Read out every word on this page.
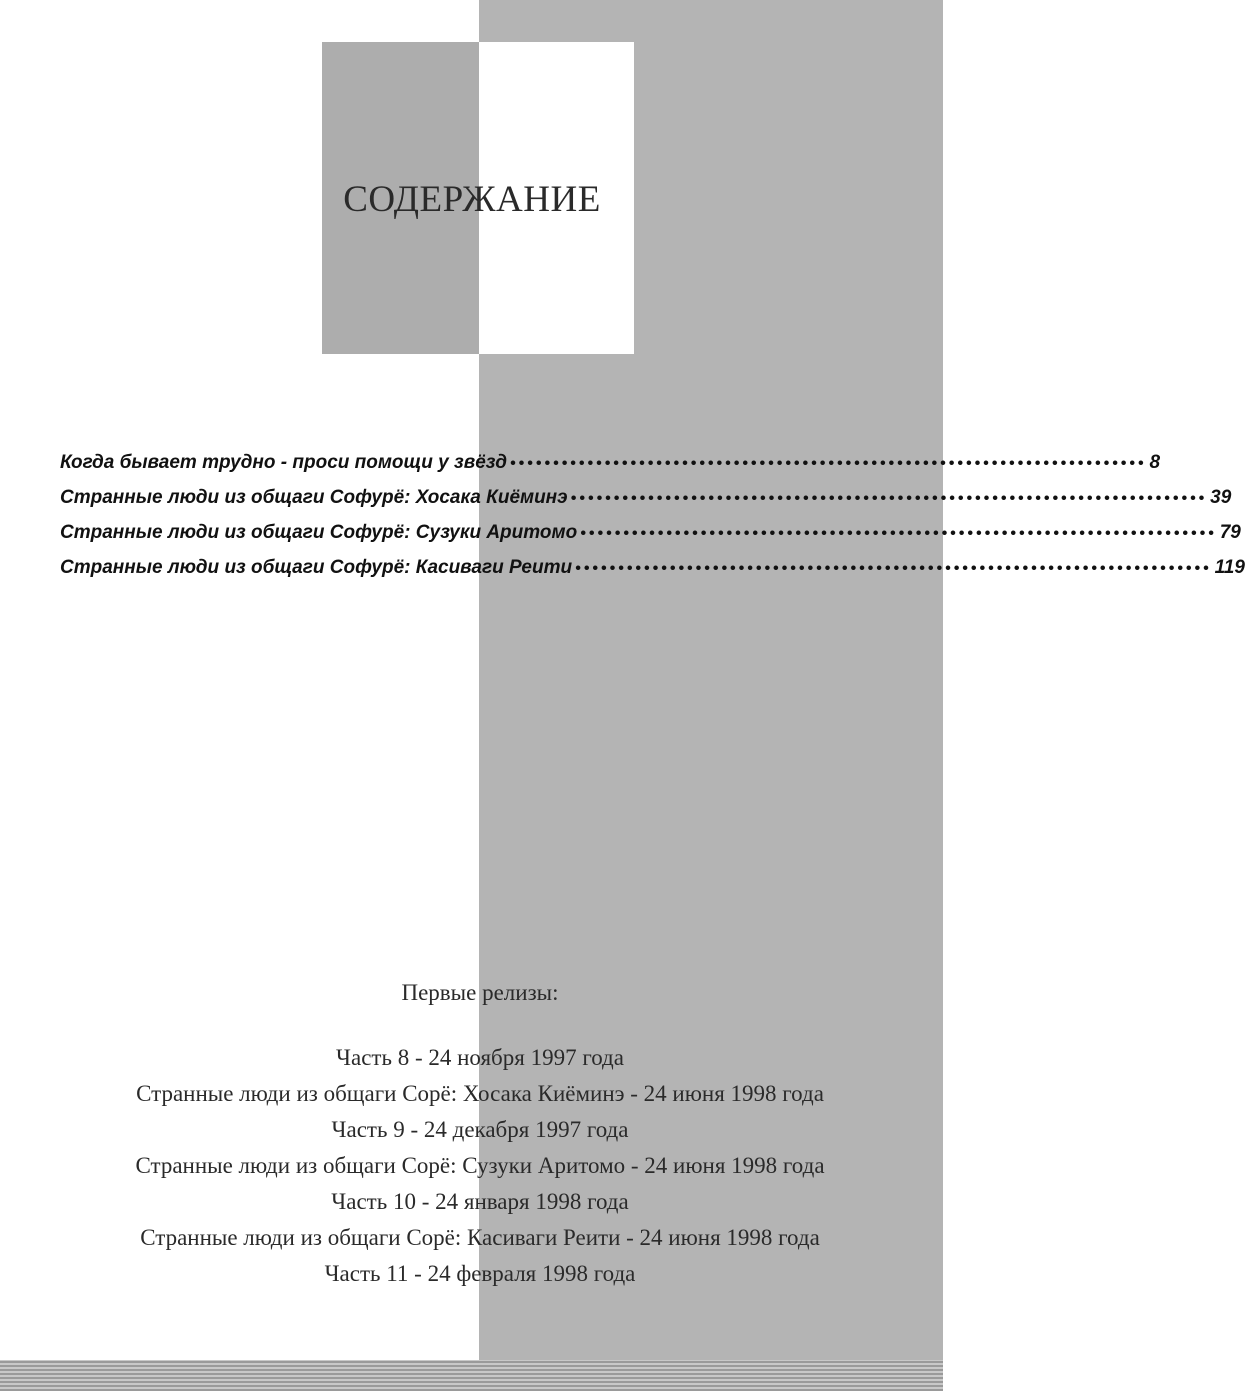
СОДЕРЖАНИЕ
Когда бывает трудно - проси помощи у звёзд •••••••••••••••••••••••••••••••••••••••••••••••••••••••••••••••••••••••••• 8
Странные люди из общаги Софурё: Хосака Киёминэ •••••••••••••••••••••••••••••••••••••••••••••••••••••••••••••••••••••••••• 39
Странные люди из общаги Софурё: Сузуки Аритомо •••••••••••••••••••••••••••••••••••••••••••••••••••••••••••••••••••••••••• 79
Странные люди из общаги Софурё: Касиваги Реити •••••••••••••••••••••••••••••••••••••••••••••••••••••••••••••••••••••••••• 119
Первые релизы:
Часть 8 - 24 ноября 1997 года
Странные люди из общаги Сорё: Хосака Киёминэ - 24 июня 1998 года
Часть 9 - 24 декабря 1997 года
Странные люди из общаги Сорё: Сузуки Аритомо - 24 июня 1998 года
Часть 10 - 24 января 1998 года
Странные люди из общаги Сорё: Касиваги Реити - 24 июня 1998 года
Часть 11 - 24 февраля 1998 года
